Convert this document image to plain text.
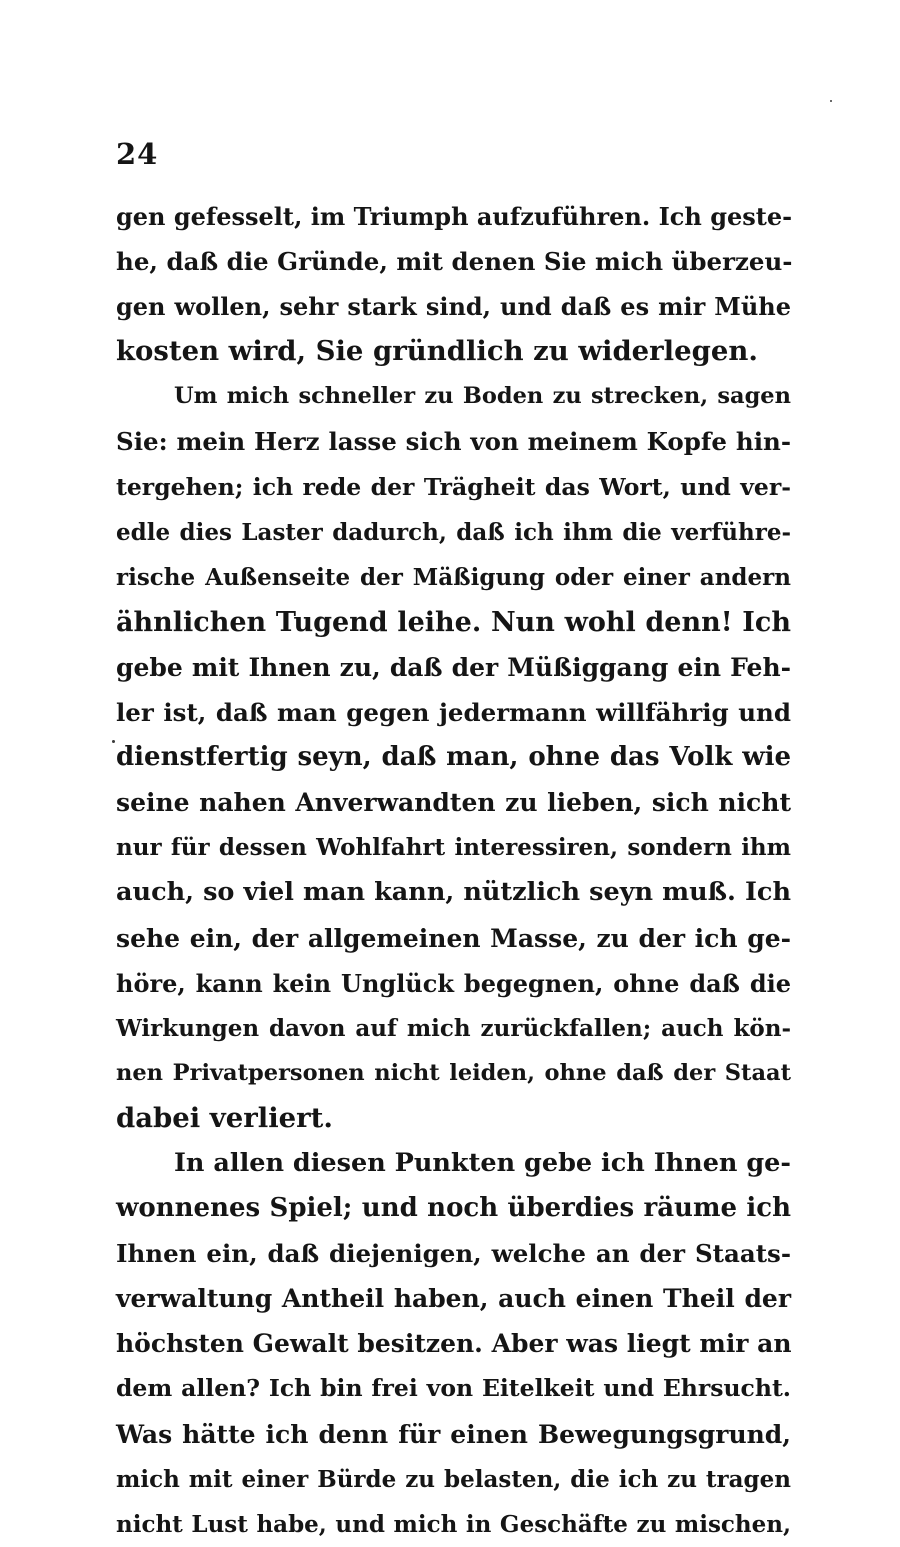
24
gen gefesselt, im Triumph aufzuführen. Ich geste-
he, daß die Gründe, mit denen Sie mich überzeu-
gen wollen, sehr stark sind, und daß es mir Mühe
kosten wird, Sie gründlich zu widerlegen.
Um mich schneller zu Boden zu strecken, sagen
Sie: mein Herz lasse sich von meinem Kopfe hin-
tergehen; ich rede der Trägheit das Wort, und ver-
edle dies Laster dadurch, daß ich ihm die verführe-
rische Außenseite der Mäßigung oder einer andern
ähnlichen Tugend leihe. Nun wohl denn! Ich
gebe mit Ihnen zu, daß der Müßiggang ein Feh-
ler ist, daß man gegen jedermann willfährig und
dienstfertig seyn, daß man, ohne das Volk wie
seine nahen Anverwandten zu lieben, sich nicht
nur für dessen Wohlfahrt interessiren, sondern ihm
auch, so viel man kann, nützlich seyn muß. Ich
sehe ein, der allgemeinen Masse, zu der ich ge-
höre, kann kein Unglück begegnen, ohne daß die
Wirkungen davon auf mich zurückfallen; auch kön-
nen Privatpersonen nicht leiden, ohne daß der Staat
dabei verliert.
In allen diesen Punkten gebe ich Ihnen ge-
wonnenes Spiel; und noch überdies räume ich
Ihnen ein, daß diejenigen, welche an der Staats-
verwaltung Antheil haben, auch einen Theil der
höchsten Gewalt besitzen. Aber was liegt mir an
dem allen? Ich bin frei von Eitelkeit und Ehrsucht.
Was hätte ich denn für einen Bewegungsgrund,
mich mit einer Bürde zu belasten, die ich zu tragen
nicht Lust habe, und mich in Geschäfte zu mischen,
